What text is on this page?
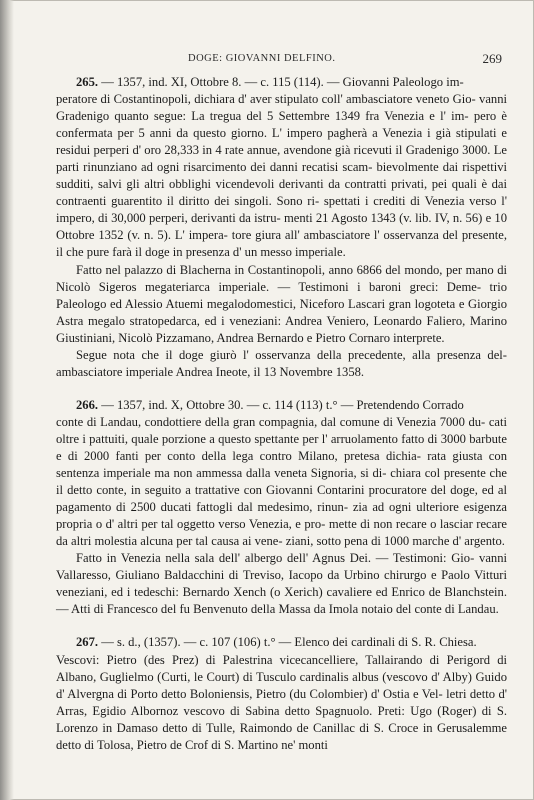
DOGE: GIOVANNI DELFINO.	269

265. — 1357, ind. XI, Ottobre 8. — c. 115 (114). — Giovanni Paleologo im-

peratore di Costantinopoli, dichiara d' aver stipulato coll' ambasciatore veneto Gio- vanni Gradenigo quanto segue: La tregua del 5 Settembre 1349 fra Venezia e l' im- pero è confermata per 5 anni da questo giorno. L' impero pagherà a Venezia i già stipulati e residui perperi d' oro 28,333 in 4 rate annue, avendone già ricevuti il Gradenigo 3000. Le parti rinunziano ad ogni risarcimento dei danni recatisi scam- bievolmente dai rispettivi sudditi, salvi gli altri obblighi vicendevoli derivanti da contratti privati, pei quali è dai contraenti guarentito il diritto dei singoli. Sono ri- spettati i crediti di Venezia verso l' impero, di 30,000 perperi, derivanti da istru- menti 21 Agosto 1343 (v. lib. IV, n. 56) e 10 Ottobre 1352 (v. n. 5). L' impera- tore giura all' ambasciatore l' osservanza del presente, il che pure farà il doge in presenza d' un messo imperiale.

Fatto nel palazzo di Blacherna in Costantinopoli, anno 6866 del mondo, per mano di Nicolò Sigeros megateriarca imperiale. — Testimoni i baroni greci: Deme- trio Paleologo ed Alessio Atuemi megalodomestici, Niceforo Lascari gran logoteta e Giorgio Astra megalo stratopedarca, ed i veneziani: Andrea Veniero, Leonardo Faliero, Marino Giustiniani, Nicolò Pizzamano, Andrea Bernardo e Pietro Cornaro interprete.

Segue nota che il doge giurò l' osservanza della precedente, alla presenza del- ambasciatore imperiale Andrea Ineote, il 13 Novembre 1358.

266. — 1357, ind. X, Ottobre 30. — c. 114 (113) t.° — Pretendendo Corrado

conte di Landau, condottiere della gran compagnia, dal comune di Venezia 7000 du- cati oltre i pattuiti, quale porzione a questo spettante per l' arruolamento fatto di 3000 barbute e di 2000 fanti per conto della lega contro Milano, pretesa dichia- rata giusta con sentenza imperiale ma non ammessa dalla veneta Signoria, si di- chiara col presente che il detto conte, in seguito a trattative con Giovanni Contarini procuratore del doge, ed al pagamento di 2500 ducati fattogli dal medesimo, rinun- zia ad ogni ulteriore esigenza propria o d' altri per tal oggetto verso Venezia, e pro- mette di non recare o lasciar recare da altri molestia alcuna per tal causa ai vene- ziani, sotto pena di 1000 marche d' argento.

Fatto in Venezia nella sala dell' albergo dell' Agnus Dei. — Testimoni: Gio- vanni Vallaresso, Giuliano Baldacchini di Treviso, Iacopo da Urbino chirurgo e Paolo Vitturi veneziani, ed i tedeschi: Bernardo Xench (o Xerich) cavaliere ed Enrico de Blanchstein. — Atti di Francesco del fu Benvenuto della Massa da Imola notaio del conte di Landau.

267. — s. d., (1357). — c. 107 (106) t.° — Elenco dei cardinali di S. R. Chiesa.

Vescovi: Pietro (des Prez) di Palestrina vicecancelliere, Tallairando di Perigord di Albano, Guglielmo (Curti, le Court) di Tusculo cardinalis albus (vescovo d' Alby) Guido d' Alvergna di Porto detto Boloniensis, Pietro (du Colombier) d' Ostia e Vel- letri detto d' Arras, Egidio Albornoz vescovo di Sabina detto Spagnuolo. Preti: Ugo (Roger) di S. Lorenzo in Damaso detto di Tulle, Raimondo de Canillac di S. Croce in Gerusalemme detto di Tolosa, Pietro de Crof di S. Martino ne' monti
